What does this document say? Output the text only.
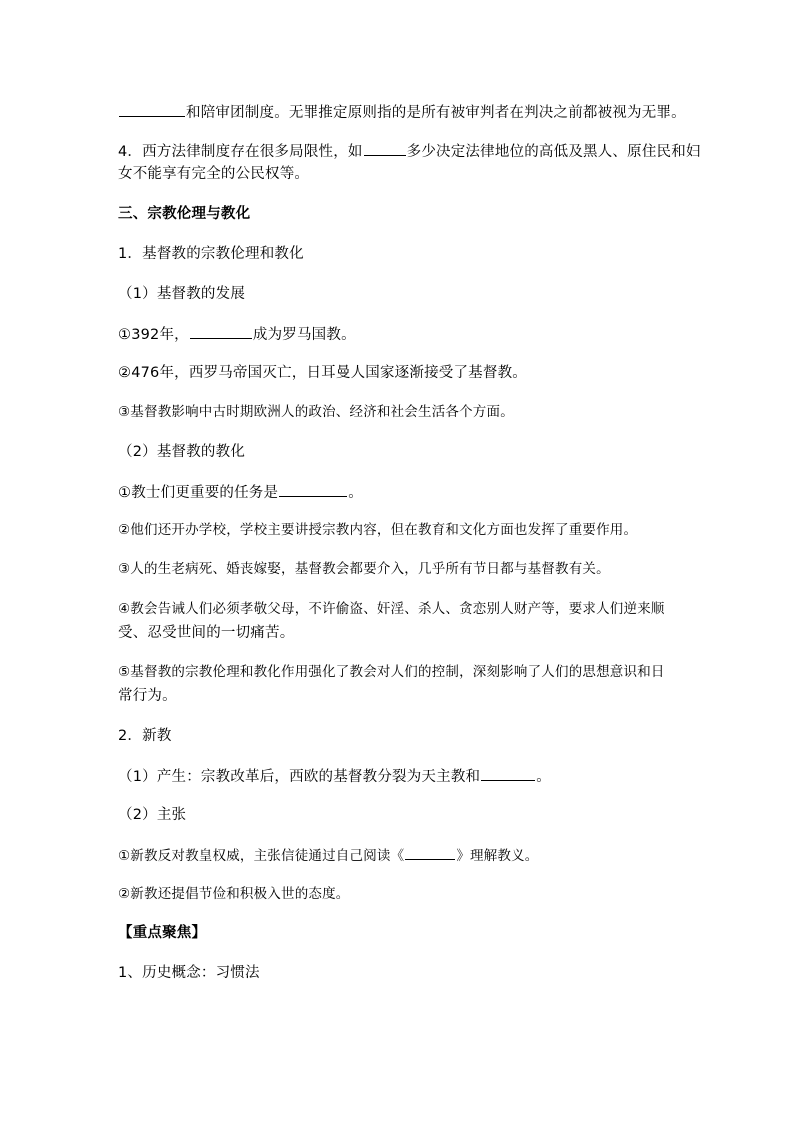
和陪审团制度。无罪推定原则指的是所有被审判者在判决之前都被视为无罪。
4．西方法律制度存在很多局限性，如	多少决定法律地位的高低及黑人、原住民和妇
女不能享有完全的公民权等。
三、宗教伦理与教化
1．基督教的宗教伦理和教化
（1）基督教的发展
①392年，	成为罗马国教。
②476年，西罗马帝国灭亡，日耳曼人国家逐渐接受了基督教。
③基督教影响中古时期欧洲人的政治、经济和社会生活各个方面。
（2）基督教的教化
①教士们更重要的任务是	。
②他们还开办学校，学校主要讲授宗教内容，但在教育和文化方面也发挥了重要作用。
③人的生老病死、婚丧嫁娶，基督教会都要介入，几乎所有节日都与基督教有关。
④教会告诫人们必须孝敬父母，不许偷盗、奸淫、杀人、贪恋别人财产等，要求人们逆来顺
受、忍受世间的一切痛苦。
⑤基督教的宗教伦理和教化作用强化了教会对人们的控制，深刻影响了人们的思想意识和日
常行为。
2．新教
（1）产生：宗教改革后，西欧的基督教分裂为天主教和	。
（2）主张
①新教反对教皇权威，主张信徒通过自己阅读《	》理解教义。
②新教还提倡节俭和积极入世的态度。
【重点聚焦】
1、历史概念：习惯法
